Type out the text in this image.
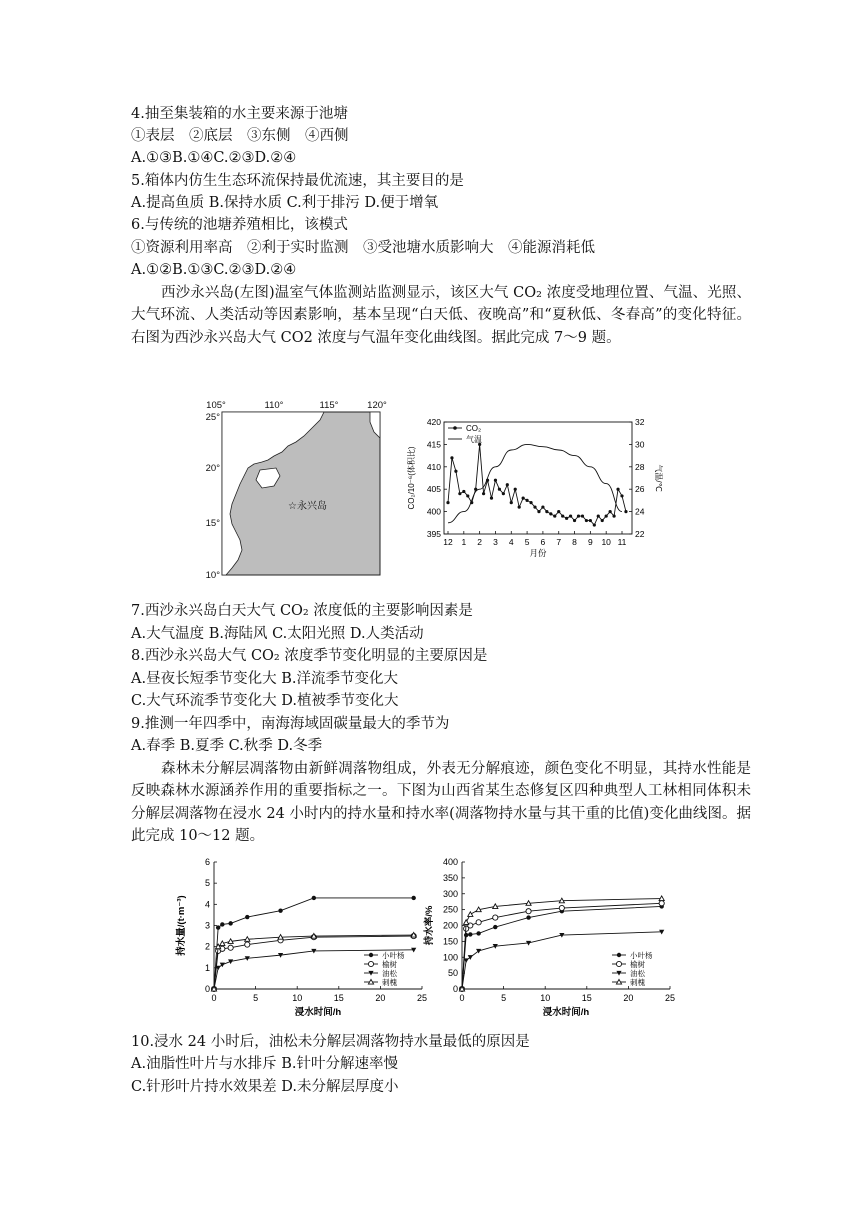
4.抽至集装箱的水主要来源于池塘
①表层　②底层　③东侧　④西侧
A.①③B.①④C.②③D.②④
5.箱体内仿生生态环流保持最优流速，其主要目的是
A.提高鱼质 B.保持水质 C.利于排污 D.便于增氧
6.与传统的池塘养殖相比，该模式
①资源利用率高　②利于实时监测　③受池塘水质影响大　④能源消耗低
A.①②B.①③C.②③D.②④
西沙永兴岛(左图)温室气体监测站监测显示，该区大气 CO₂ 浓度受地理位置、气温、光照、大气环流、人类活动等因素影响，基本呈现“白天低、夜晚高”和“夏秋低、冬春高”的变化特征。右图为西沙永兴岛大气 CO2 浓度与气温年变化曲线图。据此完成 7～9 题。
105°	110°	115°	120°
25°
20°
15°
10°
☆永兴岛
395
400
405
410
415
420
22
24
26
28
30
32
12 1 2 3 4 5 6 7 8 9 10 11
月份
CO₂/10⁻⁶(体积比)	气温/℃
CO₂
气温
7.西沙永兴岛白天大气 CO₂ 浓度低的主要影响因素是
A.大气温度 B.海陆风 C.太阳光照 D.人类活动
8.西沙永兴岛大气 CO₂ 浓度季节变化明显的主要原因是
A.昼夜长短季节变化大 B.洋流季节变化大
C.大气环流季节变化大 D.植被季节变化大
9.推测一年四季中，南海海域固碳量最大的季节为
A.春季 B.夏季 C.秋季 D.冬季
森林未分解层凋落物由新鲜凋落物组成，外表无分解痕迹，颜色变化不明显，其持水性能是反映森林水源涵养作用的重要指标之一。下图为山西省某生态修复区四种典型人工林相同体积未分解层凋落物在浸水 24 小时内的持水量和持水率(凋落物持水量与其干重的比值)变化曲线图。据此完成 10～12 题。
0
1
2
3
4
5
6
0	5	10	15	20	25
浸水时间/h
持水量/(t·m⁻³)	小叶杨
榆树
油松
刺槐
0
50
100
150
200
250
300
350
400
0	5	10	15	20	25
浸水时间/h
持水率/%
小叶杨
榆树
油松
刺槐
10.浸水 24 小时后，油松未分解层凋落物持水量最低的原因是
A.油脂性叶片与水排斥 B.针叶分解速率慢
C.针形叶片持水效果差 D.未分解层厚度小
